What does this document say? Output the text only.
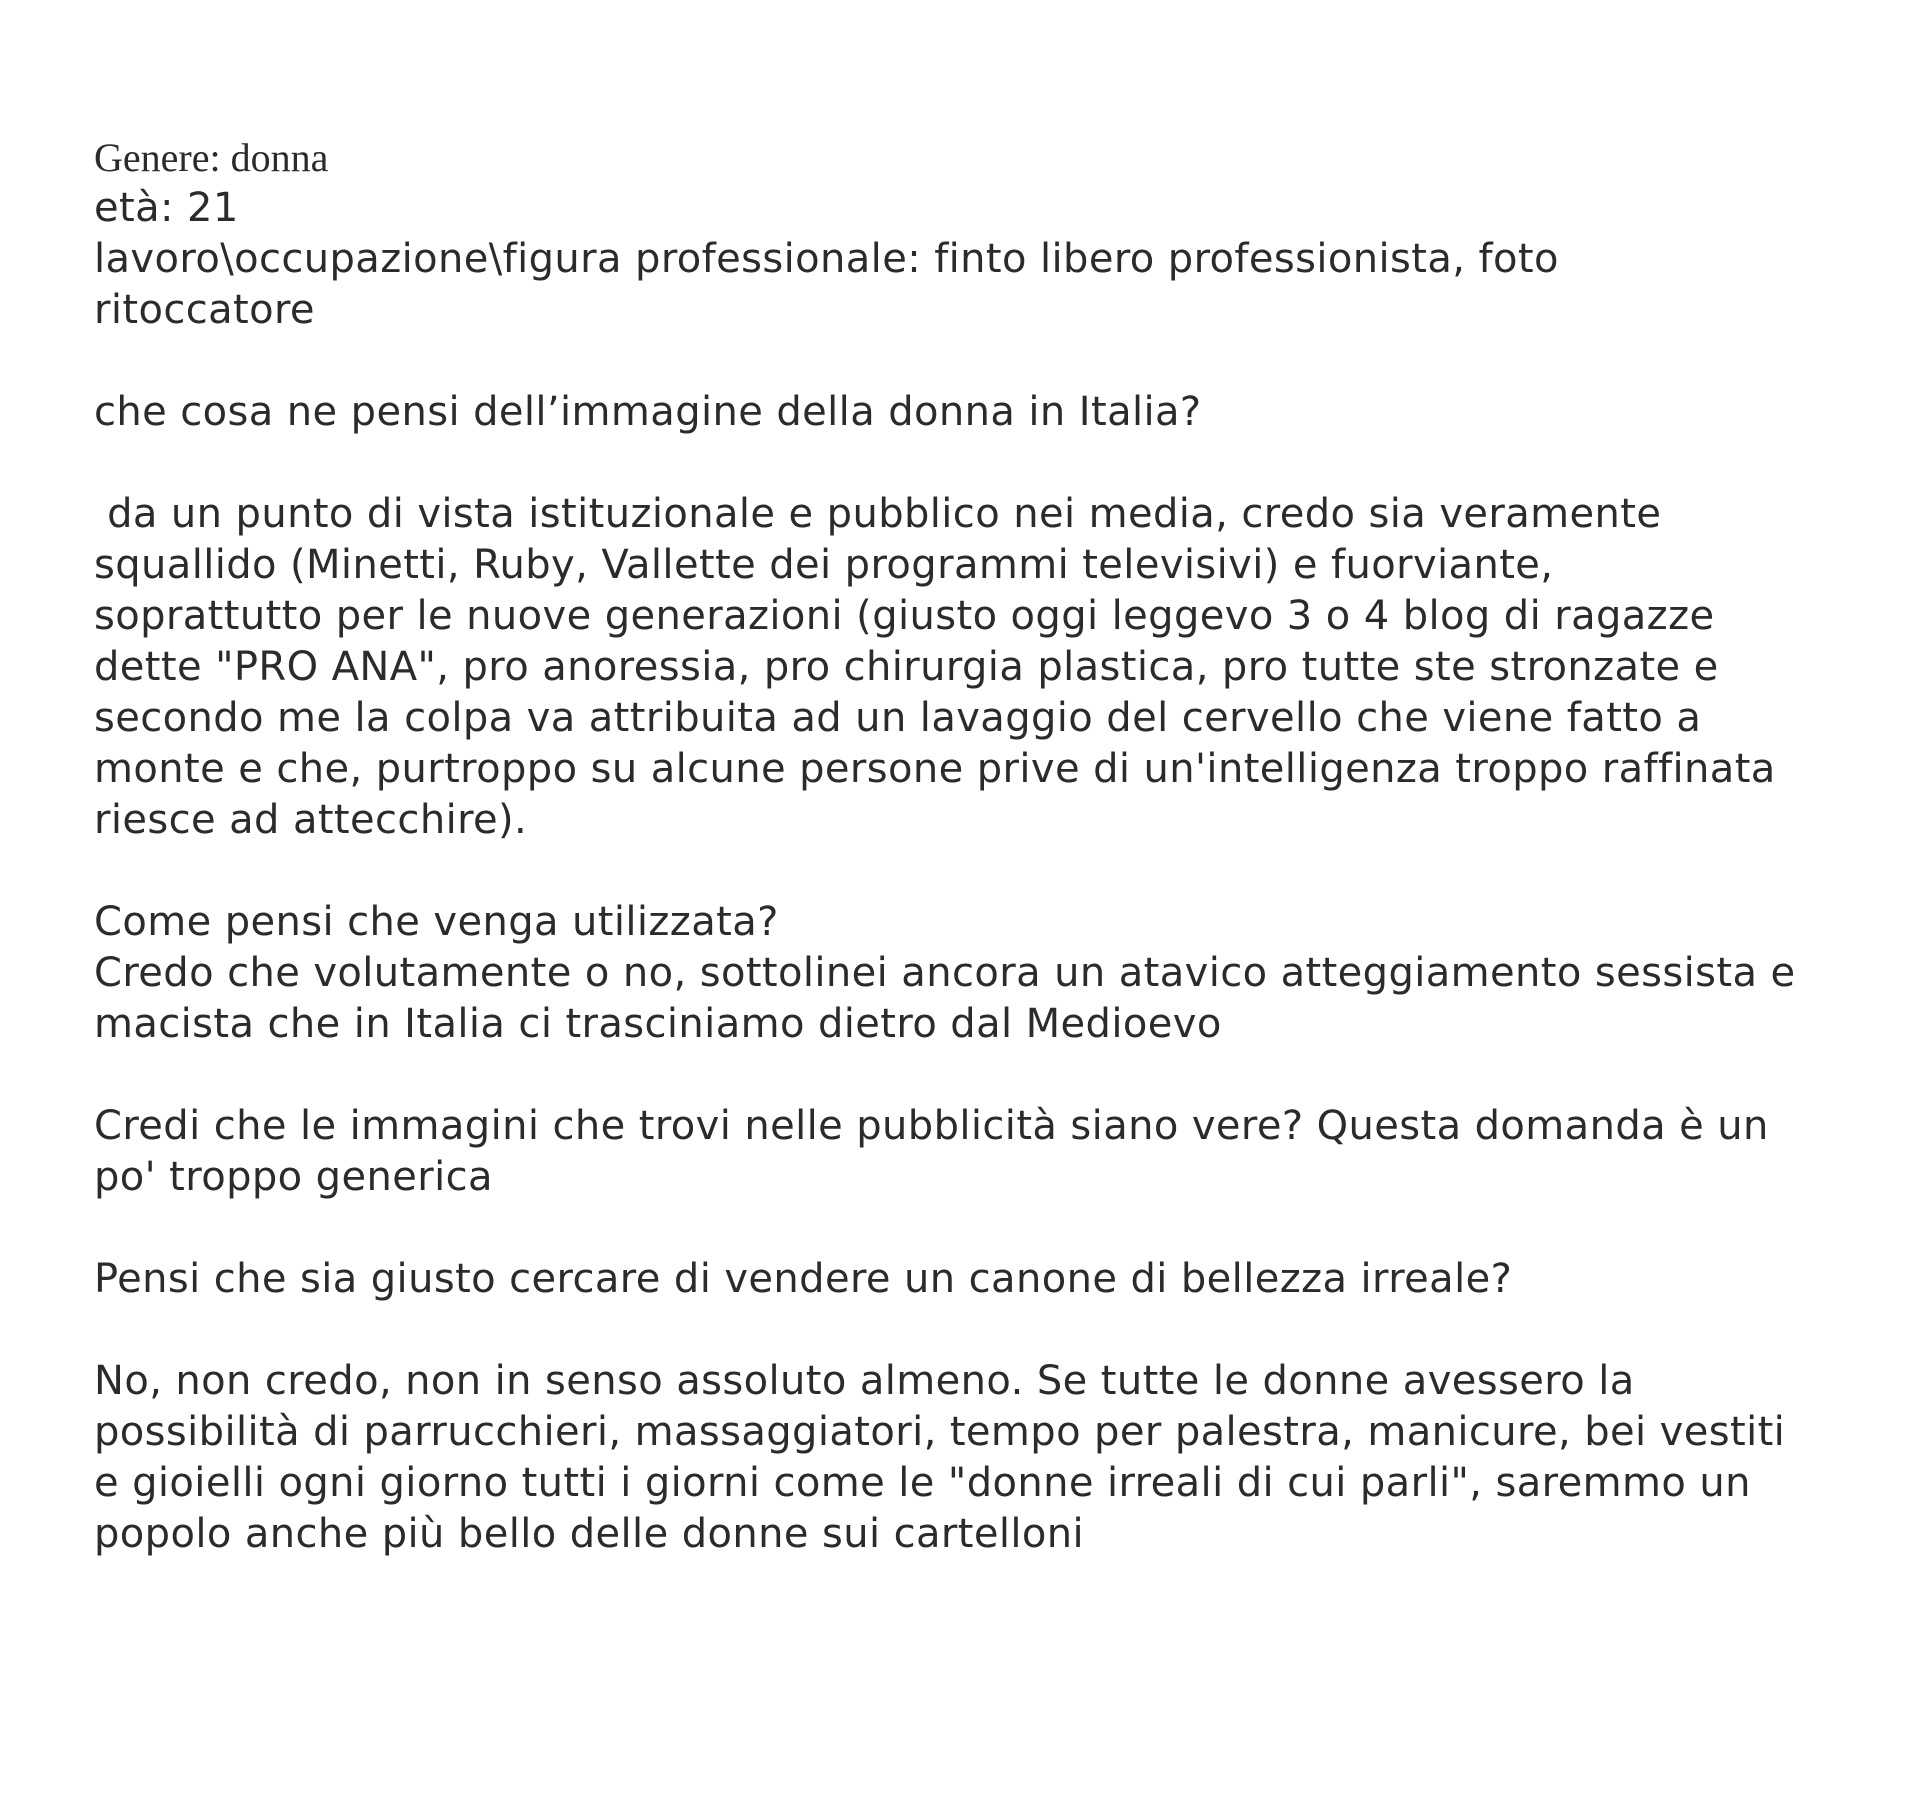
Genere: donna
età: 21
lavoro\occupazione\figura professionale: finto libero professionista, foto
ritoccatore
che cosa ne pensi dell’immagine della donna in Italia?
da un punto di vista istituzionale e pubblico nei media, credo sia veramente
squallido (Minetti, Ruby, Vallette dei programmi televisivi) e fuorviante,
soprattutto per le nuove generazioni (giusto oggi leggevo 3 o 4 blog di ragazze
dette "PRO ANA", pro anoressia, pro chirurgia plastica, pro tutte ste stronzate e
secondo me la colpa va attribuita ad un lavaggio del cervello che viene fatto a
monte e che, purtroppo su alcune persone prive di un'intelligenza troppo raffinata
riesce ad attecchire).
Come pensi che venga utilizzata?
Credo che volutamente o no, sottolinei ancora un atavico atteggiamento sessista e
macista che in Italia ci trasciniamo dietro dal Medioevo
Credi che le immagini che trovi nelle pubblicità siano vere? Questa domanda è un
po' troppo generica
Pensi che sia giusto cercare di vendere un canone di bellezza irreale?
No, non credo, non in senso assoluto almeno. Se tutte le donne avessero la
possibilità di parrucchieri, massaggiatori, tempo per palestra, manicure, bei vestiti
e gioielli ogni giorno tutti i giorni come le "donne irreali di cui parli", saremmo un
popolo anche più bello delle donne sui cartelloni
